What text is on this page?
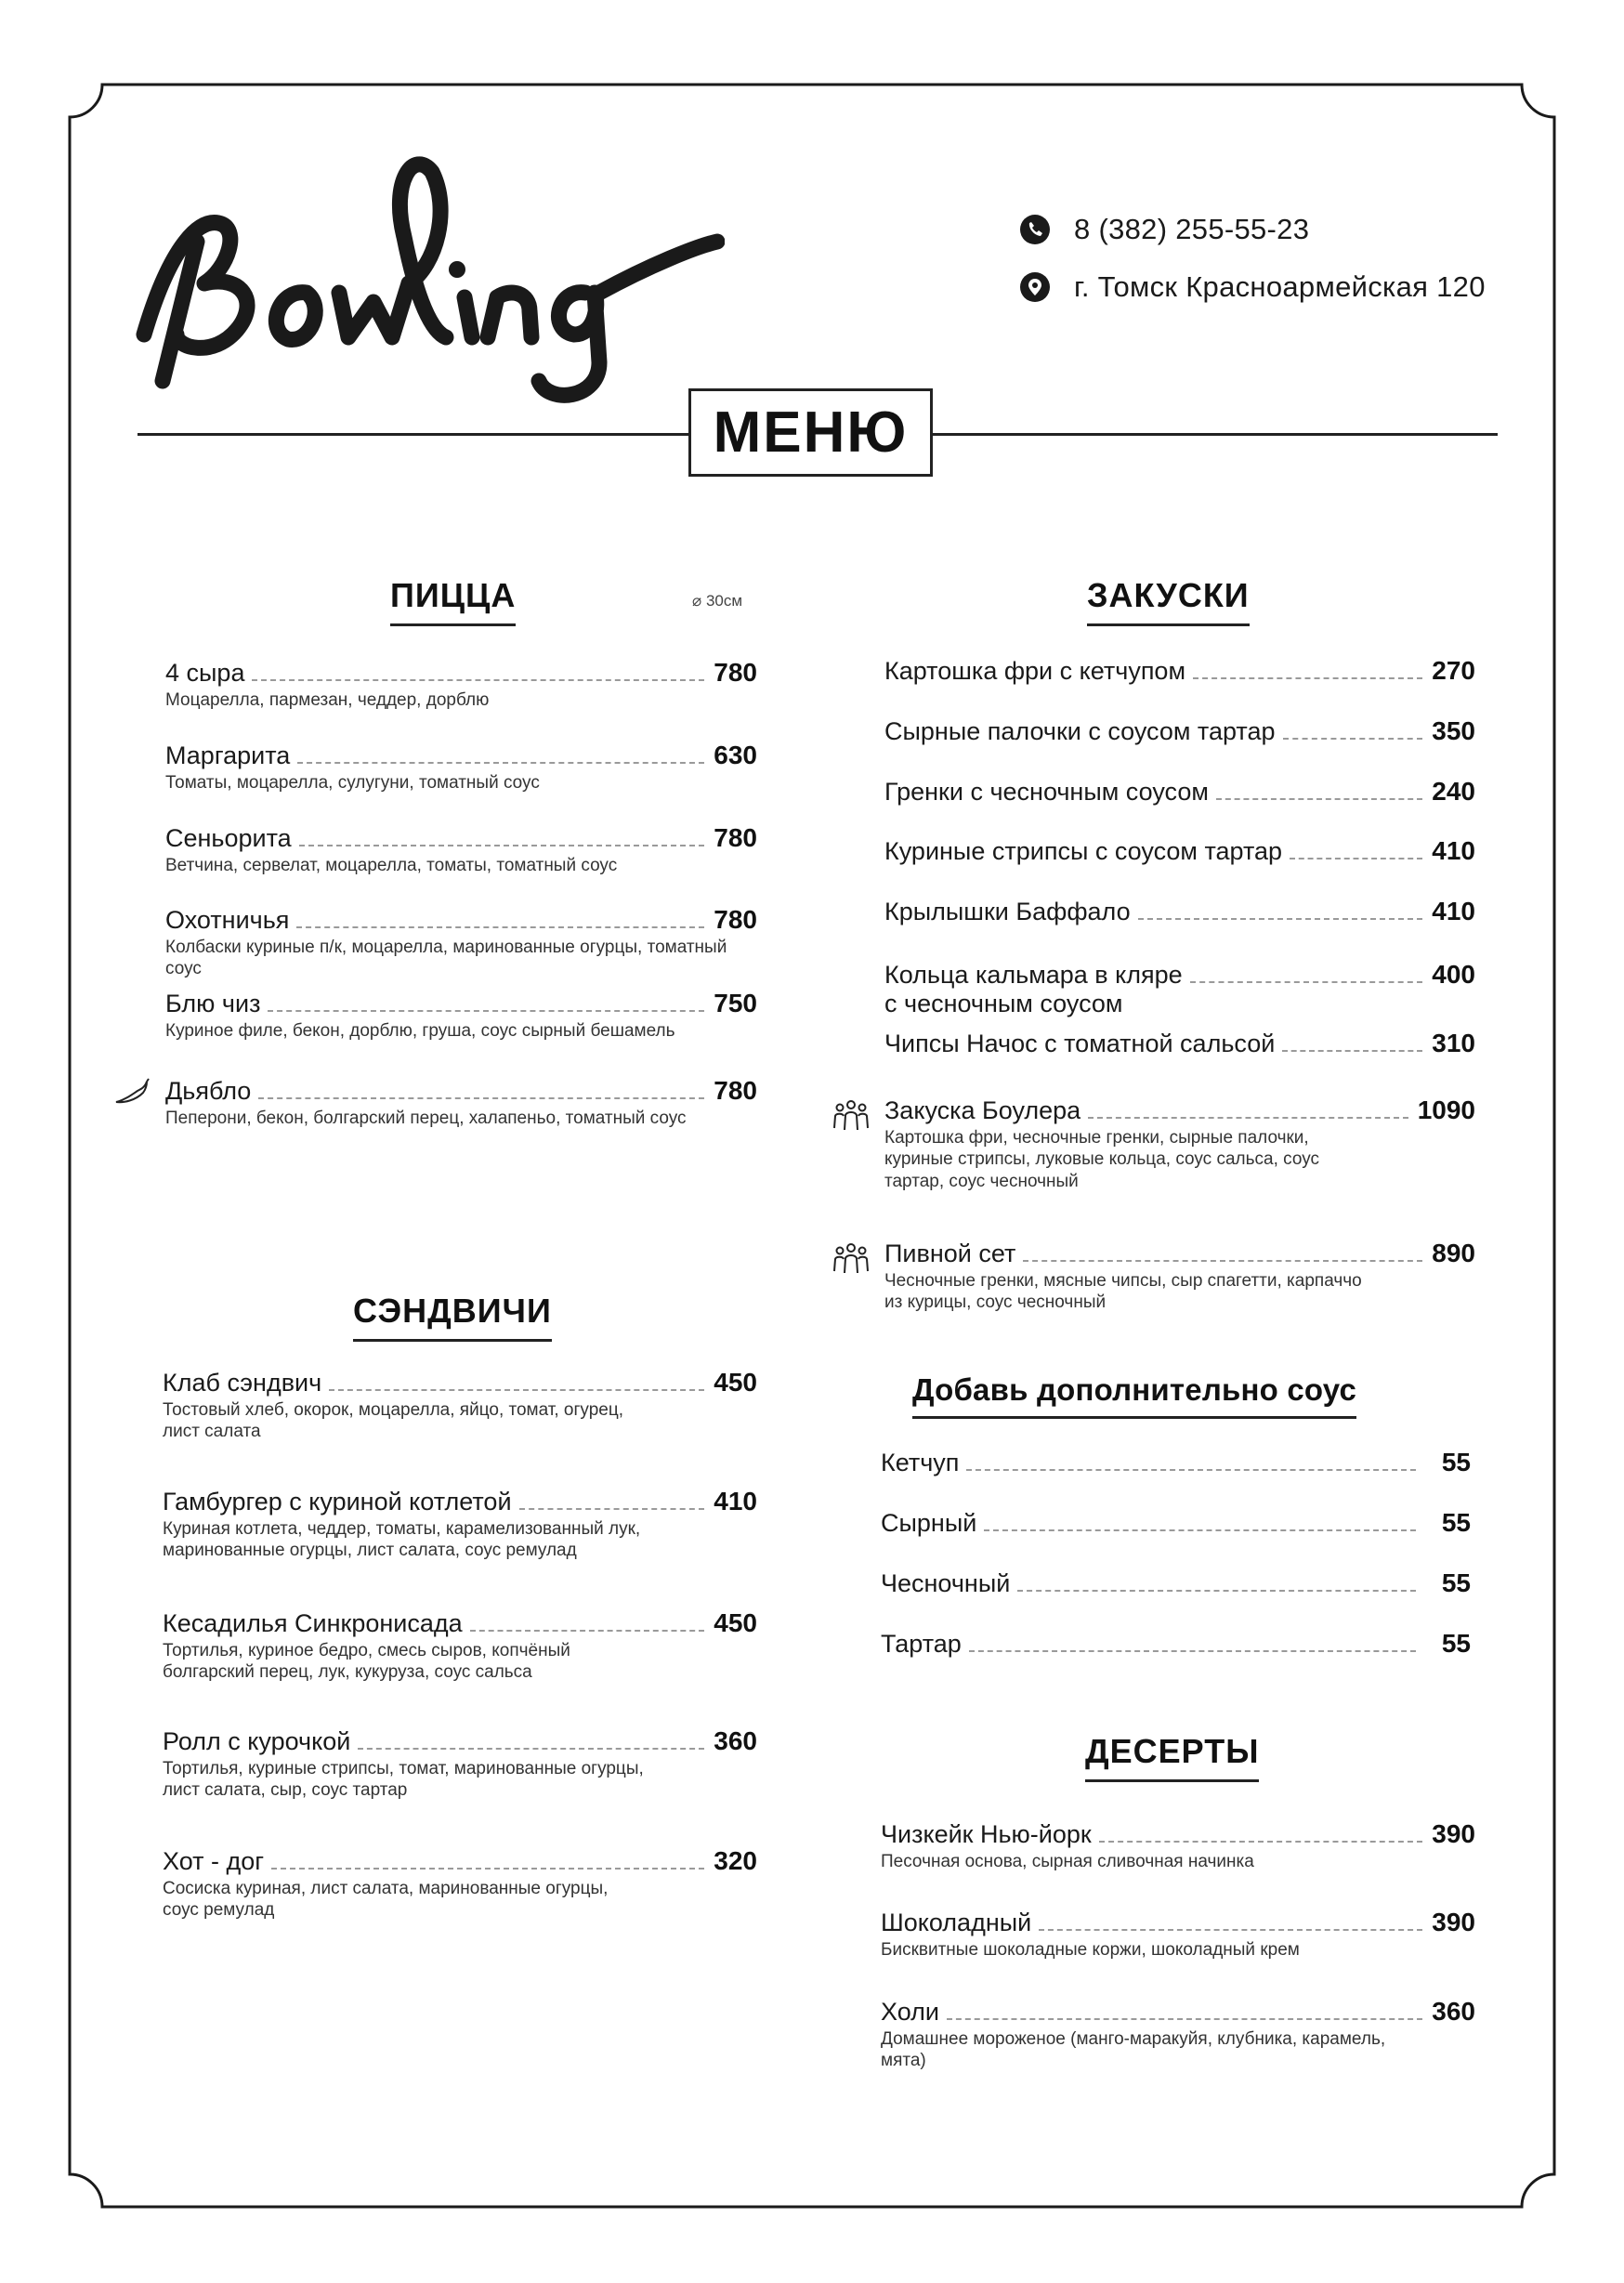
8 (382) 255-55-23
г. Томск Красноармейская 120
МЕНЮ
ПИЦЦА	⌀ 30см
4 сыра	780
Моцарелла, пармезан, чеддер, дорблю
Маргарита	630
Томаты, моцарелла, сулугуни, томатный соус
Сеньорита	780
Ветчина, сервелат, моцарелла, томаты, томатный соус
Охотничья	780
Колбаски куриные п/к, моцарелла, маринованные огурцы, томатный соус
Блю чиз	750
Куриное филе, бекон, дорблю, груша, соус сырный бешамель
Дьябло	780
Пеперони, бекон, болгарский перец, халапеньо, томатный соус
СЭНДВИЧИ
Клаб сэндвич	450
Тостовый хлеб, окорок, моцарелла, яйцо, томат, огурец, лист салата
Гамбургер с куриной котлетой	410
Куриная котлета, чеддер, томаты, карамелизованный лук, маринованные огурцы, лист салата, соус ремулад
Кесадилья Синкронисада	450
Тортилья, куриное бедро, смесь сыров, копчёный болгарский перец, лук, кукуруза, соус сальса
Ролл с курочкой	360
Тортилья, куриные стрипсы, томат, маринованные огурцы, лист салата, сыр, соус тартар
Хот - дог	320
Сосиска куриная, лист салата, маринованные огурцы, соус ремулад
ЗАКУСКИ
Картошка фри с кетчупом	270
Сырные палочки с соусом тартар	350
Гренки с чесночным соусом	240
Куриные стрипсы с соусом тартар	410
Крылышки Баффало	410
Кольца кальмара в кляре	400
с чесночным соусом
Чипсы Начос с томатной сальсой	310
Закуска Боулера	1090
Картошка фри, чесночные гренки, сырные палочки, куриные стрипсы, луковые кольца, соус сальса, соус тартар, соус чесночный
Пивной сет	890
Чесночные гренки, мясные чипсы, сыр спагетти, карпаччо из курицы, соус чесночный
Добавь дополнительно соус
Кетчуп	55
Сырный	55
Чесночный	55
Тартар	55
ДЕСЕРТЫ
Чизкейк Нью-йорк	390
Песочная основа, сырная сливочная начинка
Шоколадный	390
Бисквитные шоколадные коржи, шоколадный крем
Холи	360
Домашнее мороженое (манго-маракуйя, клубника, карамель, мята)
